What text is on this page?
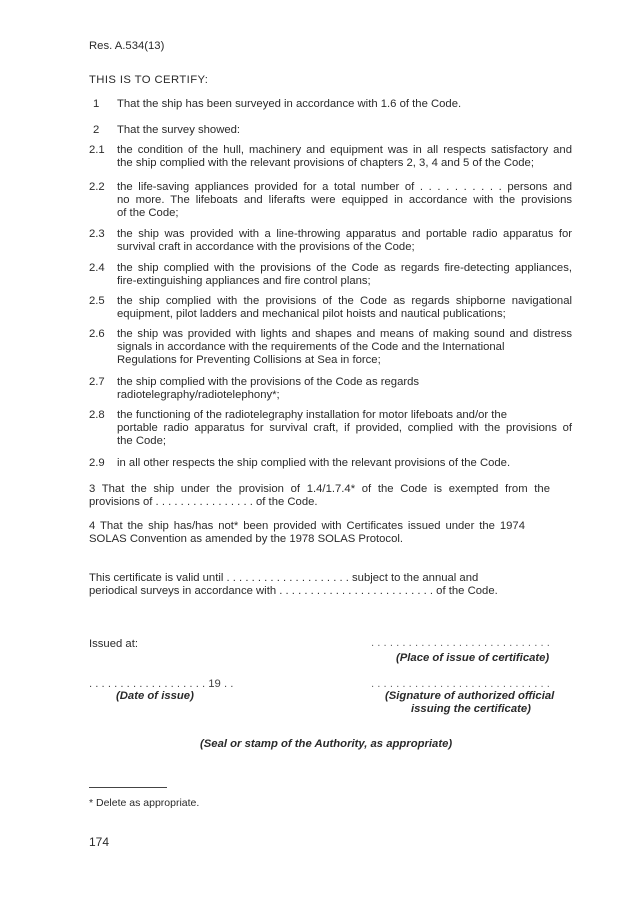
Res. A.534(13)
THIS IS TO CERTIFY:
1 That the ship has been surveyed in accordance with 1.6 of the Code.
2 That the survey showed:
2.1 the condition of the hull, machinery and equipment was in all respects satisfactory and
the ship complied with the relevant provisions of chapters 2, 3, 4 and 5 of the Code;
2.2 the life-saving appliances provided for a total number of . . . . . . . . . . persons and
no more. The lifeboats and liferafts were equipped in accordance with the provisions
of the Code;
2.3 the ship was provided with a line-throwing apparatus and portable radio apparatus for
survival craft in accordance with the provisions of the Code;
2.4 the ship complied with the provisions of the Code as regards fire-detecting appliances,
fire-extinguishing appliances and fire control plans;
2.5 the ship complied with the provisions of the Code as regards shipborne navigational
equipment, pilot ladders and mechanical pilot hoists and nautical publications;
2.6 the ship was provided with lights and shapes and means of making sound and distress
signals in accordance with the requirements of the Code and the International
Regulations for Preventing Collisions at Sea in force;
2.7 the ship complied with the provisions of the Code as regards
radiotelegraphy/radiotelephony*;
2.8 the functioning of the radiotelegraphy installation for motor lifeboats and/or the
portable radio apparatus for survival craft, if provided, complied with the provisions of
the Code;
2.9 in all other respects the ship complied with the relevant provisions of the Code.
3 That the ship under the provision of 1.4/1.7.4* of the Code is exempted from the
provisions of . . . . . . . . . . . . . . . . of the Code.
4 That the ship has/has not* been provided with Certificates issued under the 1974
SOLAS Convention as amended by the 1978 SOLAS Protocol.
This certificate is valid until . . . . . . . . . . . . . . . . . . . . subject to the annual and
periodical surveys in accordance with . . . . . . . . . . . . . . . . . . . . . . . . . of the Code.
Issued at:	. . . . . . . . . . . . . . . . . . . . . . . . . . . . .
(Place of issue of certificate)
. . . . . . . . . . . . . . . . . . . 19 . .
(Date of issue)
. . . . . . . . . . . . . . . . . . . . . . . . . . . . .
(Signature of authorized official
issuing the certificate)
(Seal or stamp of the Authority, as appropriate)
* Delete as appropriate.
174
